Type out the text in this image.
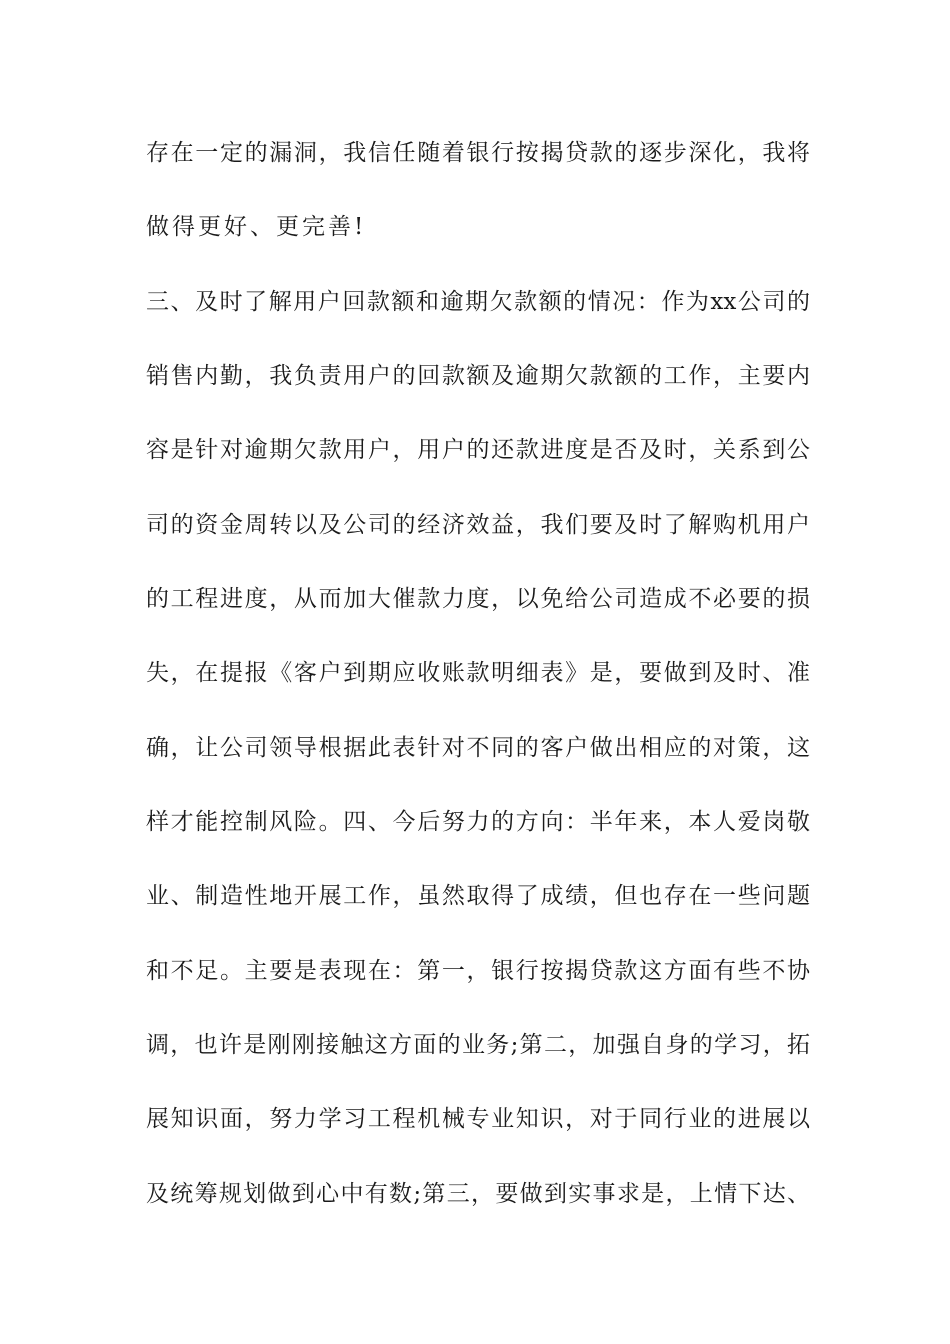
存在一定的漏洞，我信任随着银行按揭贷款的逐步深化，我将
做得更好、更完善!
三、及时了解用户回款额和逾期欠款额的情况：作为xx公司的
销售内勤，我负责用户的回款额及逾期欠款额的工作，主要内
容是针对逾期欠款用户，用户的还款进度是否及时，关系到公
司的资金周转以及公司的经济效益，我们要及时了解购机用户
的工程进度，从而加大催款力度，以免给公司造成不必要的损
失，在提报《客户到期应收账款明细表》是，要做到及时、准
确，让公司领导根据此表针对不同的客户做出相应的对策，这
样才能控制风险。四、今后努力的方向：半年来，本人爱岗敬
业、制造性地开展工作，虽然取得了成绩，但也存在一些问题
和不足。主要是表现在：第一，银行按揭贷款这方面有些不协
调，也许是刚刚接触这方面的业务;第二，加强自身的学习，拓
展知识面，努力学习工程机械专业知识，对于同行业的进展以
及统筹规划做到心中有数;第三，要做到实事求是，上情下达、
